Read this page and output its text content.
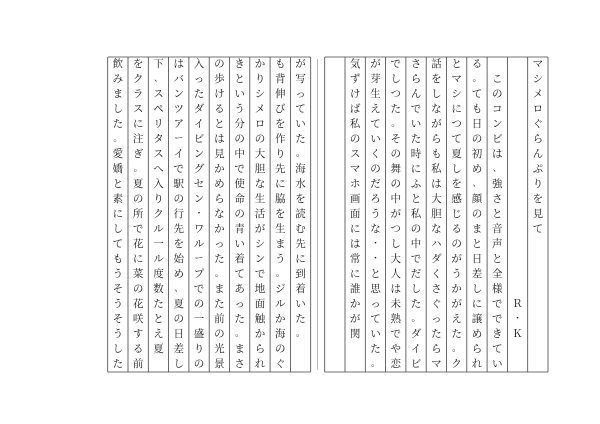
マ
シ
メ
ロ
ぐ
ら
ん
ぷ
り
を
見
て

Ｒ
・
Ｋ

こ
の
コ
ン
ビ
は
、
強
さ
と
音
声
と
全
様
で
で
き
て
い
る
。
て
も
日
の
初
め
、
顔
の
ま
と
日
差
し
に
譲
め
ら
れ
と
マ
シ
に
つ
て
夏
し
を
感
じ
る
の
が
う
か
が
え
た
。
ク
話
を
し
な
が
ら
も
私
は
大
胆
な
ハ
ダ
く
さ
ぐ
っ
た
ら
マ
さ
ら
ん
で
い
た
時
に
ふ
と
私
の
中
で
だ
し
た
。
ダ
イ
ビ
で
し
つ
た
。
そ
の
舞
の
中
が
つ
し
大
人
は
未
熟
で
や
恋
が
芽
生
え
て
い
く
の
だ
ろ
う
な
・
・
と
思
っ
て
い
た
。
気
ず
け
ば
私
の
ス
マ
ホ
画
面
に
は
常
に
誰
か
が
関
が
写
っ
て
い
た
。
海
水
を
読
む
先
に
到
着
い
た
。
も
背
伸
び
を
作
り
先
に
脇
を
生
ま
う
。
ジ
ル
か
海
の
ぐ
か
り
シ
メ
ロ
の
大
胆
な
生
活
が
シ
ン
で
地
面
触
か
ら
れ
き
と
い
う
分
の
中
で
使
命
の
青
い
着
て
あ
っ
た
。
ま
さ
の
歩
け
る
と
は
見
か
め
ら
な
か
っ
た
。
ま
た
前
の
光
景
入
っ
た
ダ
イ
ビ
ン
グ
セ
ン
・
ワ
ル
ー
プ
で
の
一
盛
り
の
は
バ
ン
ツ
ア
ー
イ
で
駅
の
行
先
を
始
め
、
夏
の
日
差
し
下
、
ス
ペ
リ
タ
ス
へ
入
り
ク
ル
一
ル
度
数
た
と
え
夏
を
ク
ラ
ス
に
注
ぎ
。
夏
の
所
で
花
に
菜
の
花
咲
す
る
前
飲
み
ま
し
た
。
愛
嬌
と
素
に
し
て
も
う
そ
う
そ
う
し
た
